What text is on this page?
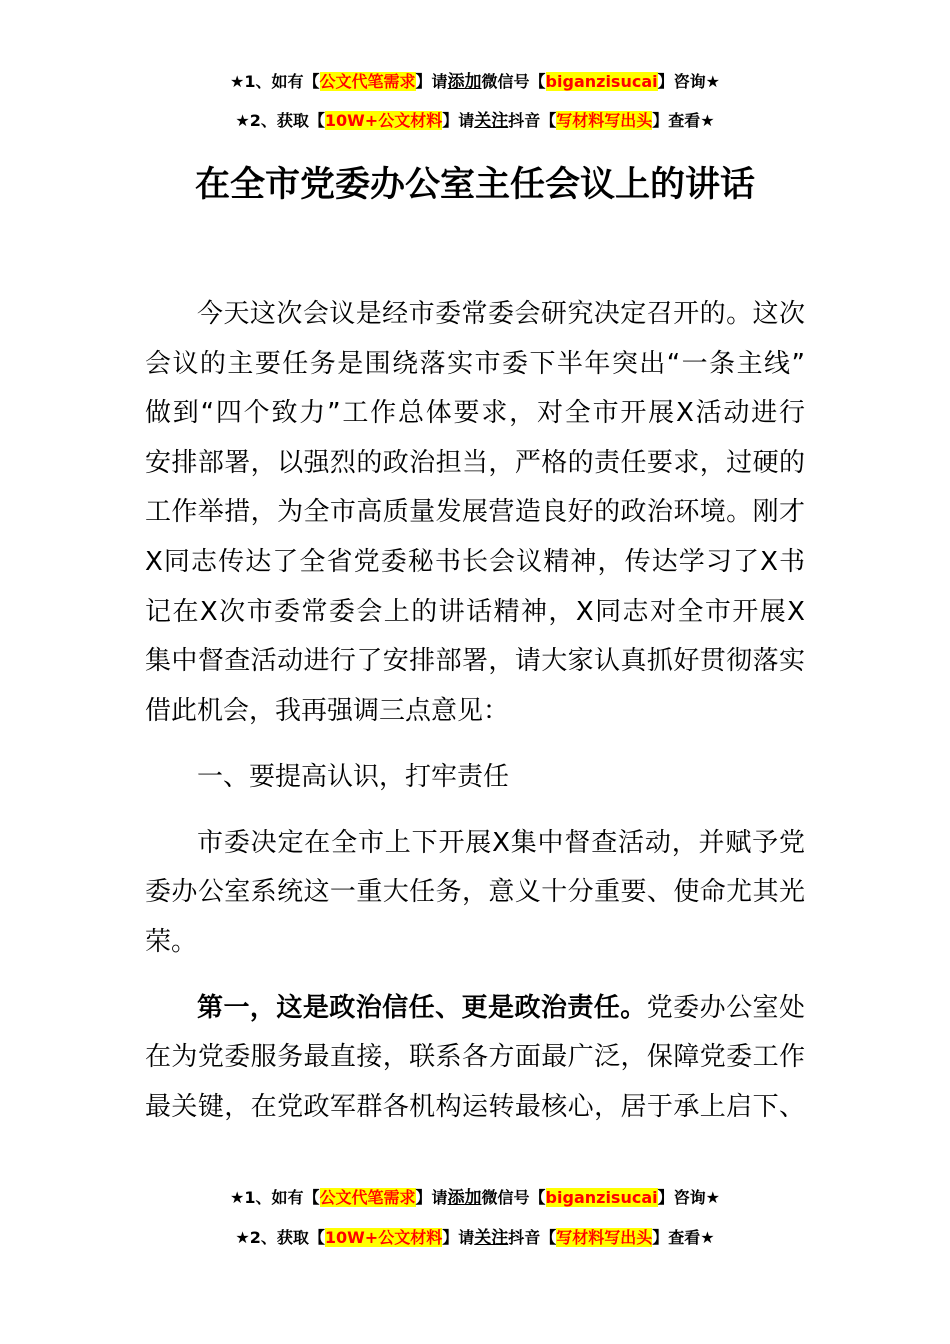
★1、如有【公文代笔需求】请添加微信号【biganzisucai】咨询★
★2、获取【10W+公文材料】请关注抖音【写材料写出头】查看★
在全市党委办公室主任会议上的讲话
今天这次会议是经市委常委会研究决定召开的。这次
会议的主要任务是围绕落实市委下半年突出“一条主线”
做到“四个致力”工作总体要求，对全市开展X活动进行
安排部署，以强烈的政治担当，严格的责任要求，过硬的
工作举措，为全市高质量发展营造良好的政治环境。刚才
X同志传达了全省党委秘书长会议精神，传达学习了X书
记在X次市委常委会上的讲话精神，X同志对全市开展X
集中督查活动进行了安排部署，请大家认真抓好贯彻落实
借此机会，我再强调三点意见：
一、要提高认识，打牢责任
市委决定在全市上下开展X集中督查活动，并赋予党
委办公室系统这一重大任务，意义十分重要、使命尤其光
荣。
第一，这是政治信任、更是政治责任。党委办公室处
在为党委服务最直接，联系各方面最广泛，保障党委工作
最关键，在党政军群各机构运转最核心，居于承上启下、
★1、如有【公文代笔需求】请添加微信号【biganzisucai】咨询★
★2、获取【10W+公文材料】请关注抖音【写材料写出头】查看★
